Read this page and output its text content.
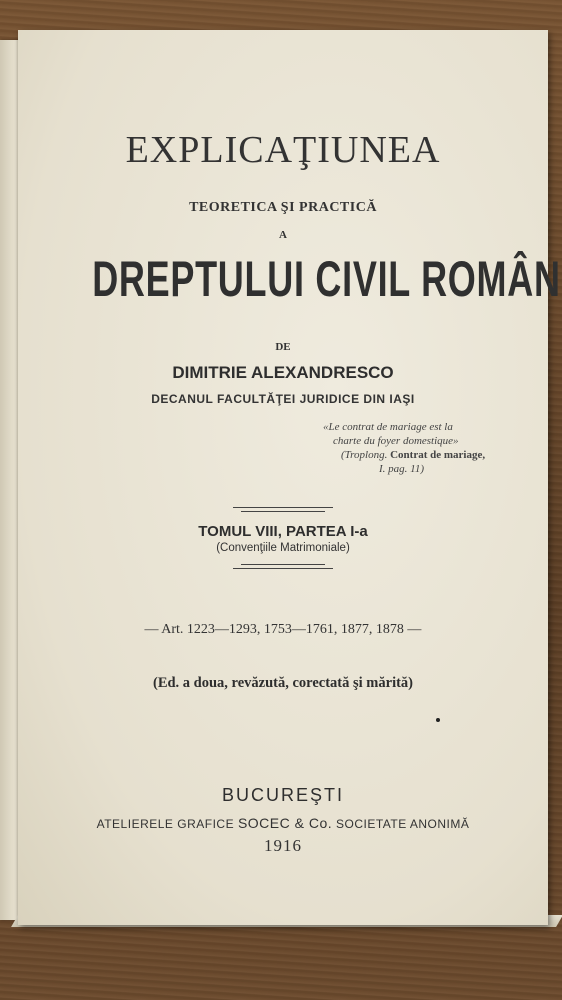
EXPLICAŢIUNEA
TEORETICA ŞI PRACTICĂ
A
DREPTULUI CIVIL ROMÂN
DE
DIMITRIE ALEXANDRESCO
DECANUL FACULTĂŢEI JURIDICE DIN IAŞI
«Le contrat de mariage est la
charte du foyer domestique»
(Troplong. Contrat de mariage,
I. pag. 11)
TOMUL VIII, PARTEA I-a
(Convenţiile Matrimoniale)
— Art. 1223—1293, 1753—1761, 1877, 1878 —
(Ed. a doua, revăzută, corectată şi mărită)
BUCUREŞTI
ATELIERELE GRAFICE SOCEC & Co. SOCIETATE ANONIMĂ
1916
